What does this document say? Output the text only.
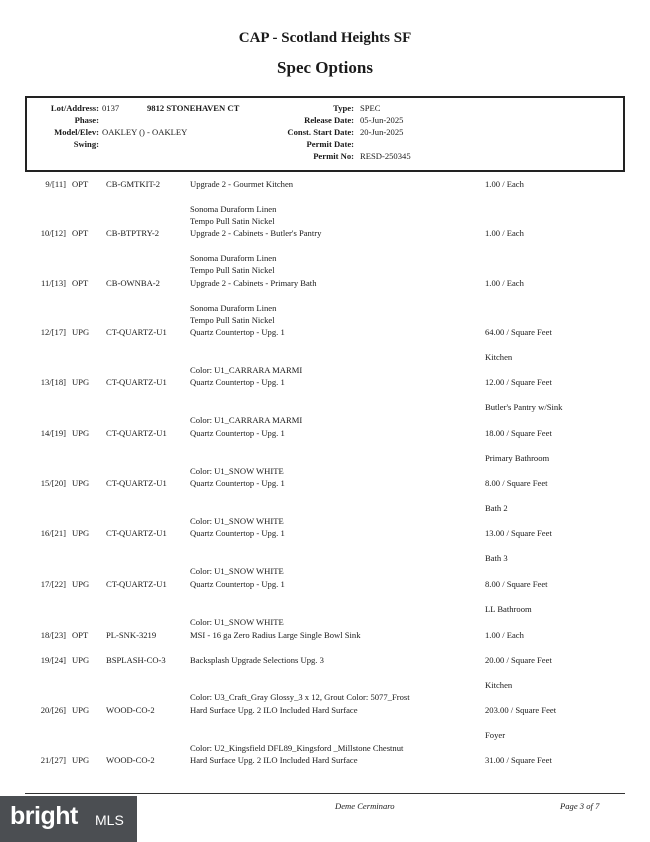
CAP - Scotland Heights SF
Spec Options
Lot/Address: 0137	9812 STONEHAVEN CT	Type: SPEC
Phase:	Release Date: 05-Jun-2025
Model/Elev: OAKLEY () - OAKLEY	Const. Start Date: 20-Jun-2025
Swing:	Permit Date:
Permit No: RESD-250345
9/[11] OPT CB-GMTKIT-2	Upgrade 2 - Gourmet Kitchen	1.00 / Each
Sonoma Duraform Linen
Tempo Pull Satin Nickel
10/[12] OPT CB-BTPTRY-2	Upgrade 2 - Cabinets - Butler's Pantry	1.00 / Each
Sonoma Duraform Linen
Tempo Pull Satin Nickel
11/[13] OPT CB-OWNBA-2	Upgrade 2 - Cabinets - Primary Bath	1.00 / Each
Sonoma Duraform Linen
Tempo Pull Satin Nickel
12/[17] UPG CT-QUARTZ-U1	Quartz Countertop - Upg. 1	64.00 / Square Feet
Kitchen
Color: U1_CARRARA MARMI
13/[18] UPG CT-QUARTZ-U1	Quartz Countertop - Upg. 1	12.00 / Square Feet
Butler's Pantry w/Sink
Color: U1_CARRARA MARMI
14/[19] UPG CT-QUARTZ-U1	Quartz Countertop - Upg. 1	18.00 / Square Feet
Primary Bathroom
Color: U1_SNOW WHITE
15/[20] UPG CT-QUARTZ-U1	Quartz Countertop - Upg. 1	8.00 / Square Feet
Bath 2
Color: U1_SNOW WHITE
16/[21] UPG CT-QUARTZ-U1	Quartz Countertop - Upg. 1	13.00 / Square Feet
Bath 3
Color: U1_SNOW WHITE
17/[22] UPG CT-QUARTZ-U1	Quartz Countertop - Upg. 1	8.00 / Square Feet
LL Bathroom
Color: U1_SNOW WHITE
18/[23] OPT PL-SNK-3219	MSI - 16 ga Zero Radius Large Single Bowl Sink	1.00 / Each
19/[24] UPG BSPLASH-CO-3	Backsplash Upgrade Selections Upg. 3	20.00 / Square Feet
Kitchen
Color: U3_Craft_Gray Glossy_3 x 12, Grout Color: 5077_Frost
20/[26] UPG WOOD-CO-2	Hard Surface Upg. 2 ILO Included Hard Surface	203.00 / Square Feet
Foyer
Color: U2_Kingsfield DFL89_Kingsford _Millstone Chestnut
21/[27] UPG WOOD-CO-2	Hard Surface Upg. 2 ILO Included Hard Surface	31.00 / Square Feet
Deme Cerminaro	Page 3 of 7
bright MLS
